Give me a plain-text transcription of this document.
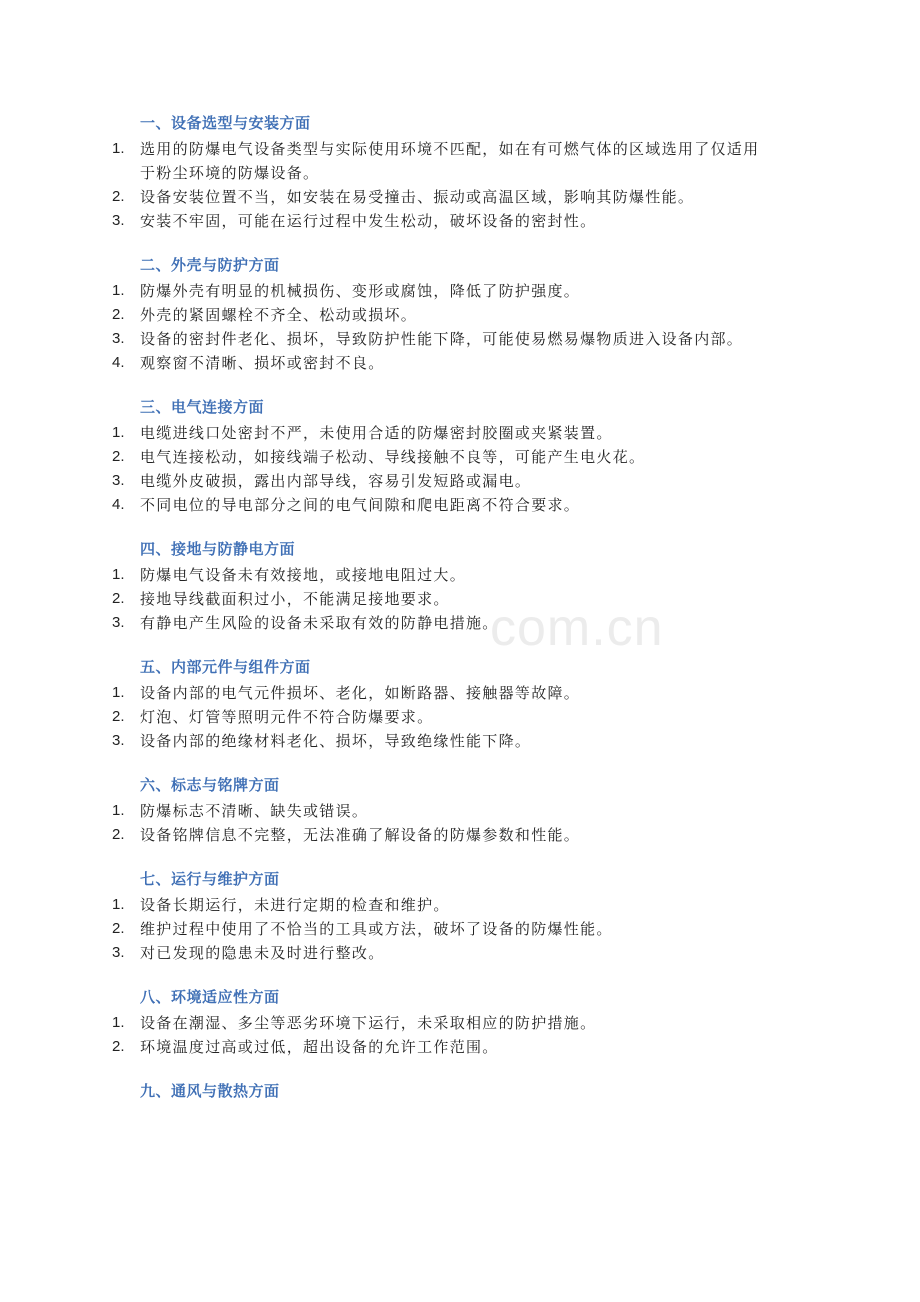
com.cn
一、设备选型与安装方面
1.	选用的防爆电气设备类型与实际使用环境不匹配，如在有可燃气体的区域选用了仅适用于粉尘环境的防爆设备。
2.	设备安装位置不当，如安装在易受撞击、振动或高温区域，影响其防爆性能。
3.	安装不牢固，可能在运行过程中发生松动，破坏设备的密封性。
二、外壳与防护方面
1.	防爆外壳有明显的机械损伤、变形或腐蚀，降低了防护强度。
2.	外壳的紧固螺栓不齐全、松动或损坏。
3.	设备的密封件老化、损坏，导致防护性能下降，可能使易燃易爆物质进入设备内部。
4.	观察窗不清晰、损坏或密封不良。
三、电气连接方面
1.	电缆进线口处密封不严，未使用合适的防爆密封胶圈或夹紧装置。
2.	电气连接松动，如接线端子松动、导线接触不良等，可能产生电火花。
3.	电缆外皮破损，露出内部导线，容易引发短路或漏电。
4.	不同电位的导电部分之间的电气间隙和爬电距离不符合要求。
四、接地与防静电方面
1.	防爆电气设备未有效接地，或接地电阻过大。
2.	接地导线截面积过小，不能满足接地要求。
3.	有静电产生风险的设备未采取有效的防静电措施。
五、内部元件与组件方面
1.	设备内部的电气元件损坏、老化，如断路器、接触器等故障。
2.	灯泡、灯管等照明元件不符合防爆要求。
3.	设备内部的绝缘材料老化、损坏，导致绝缘性能下降。
六、标志与铭牌方面
1.	防爆标志不清晰、缺失或错误。
2.	设备铭牌信息不完整，无法准确了解设备的防爆参数和性能。
七、运行与维护方面
1.	设备长期运行，未进行定期的检查和维护。
2.	维护过程中使用了不恰当的工具或方法，破坏了设备的防爆性能。
3.	对已发现的隐患未及时进行整改。
八、环境适应性方面
1.	设备在潮湿、多尘等恶劣环境下运行，未采取相应的防护措施。
2.	环境温度过高或过低，超出设备的允许工作范围。
九、通风与散热方面
